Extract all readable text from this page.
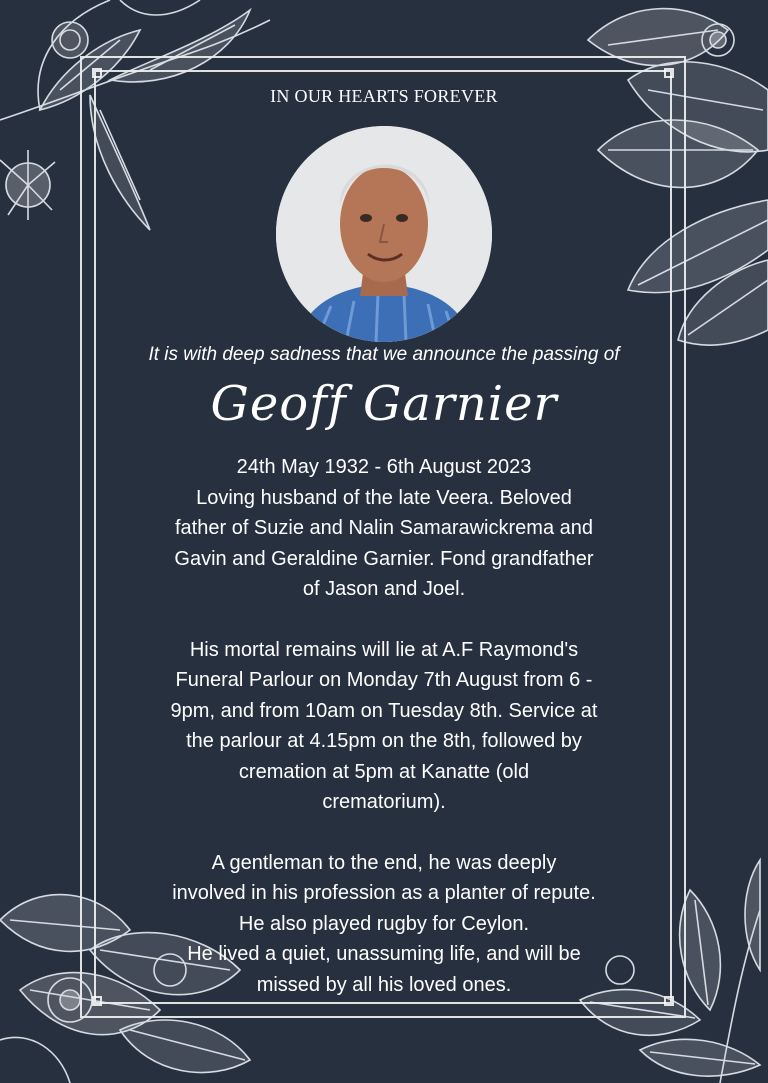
IN OUR HEARTS FOREVER
It is with deep sadness that we announce the passing of
Geoff Garnier

24th May 1932 - 6th August 2023

Loving husband of the late Veera. Beloved

father of Suzie and Nalin Samarawickrema and

Gavin and Geraldine Garnier. Fond grandfather

of Jason and Joel.

His mortal remains will lie at A.F Raymond's

Funeral Parlour on Monday 7th August from 6 -

9pm, and from 10am on Tuesday 8th. Service at

the parlour at 4.15pm on the 8th, followed by

cremation at 5pm at Kanatte (old

crematorium).

A gentleman to the end, he was deeply

involved in his profession as a planter of repute.

He also played rugby for Ceylon.

He lived a quiet, unassuming life, and will be

missed by all his loved ones.
